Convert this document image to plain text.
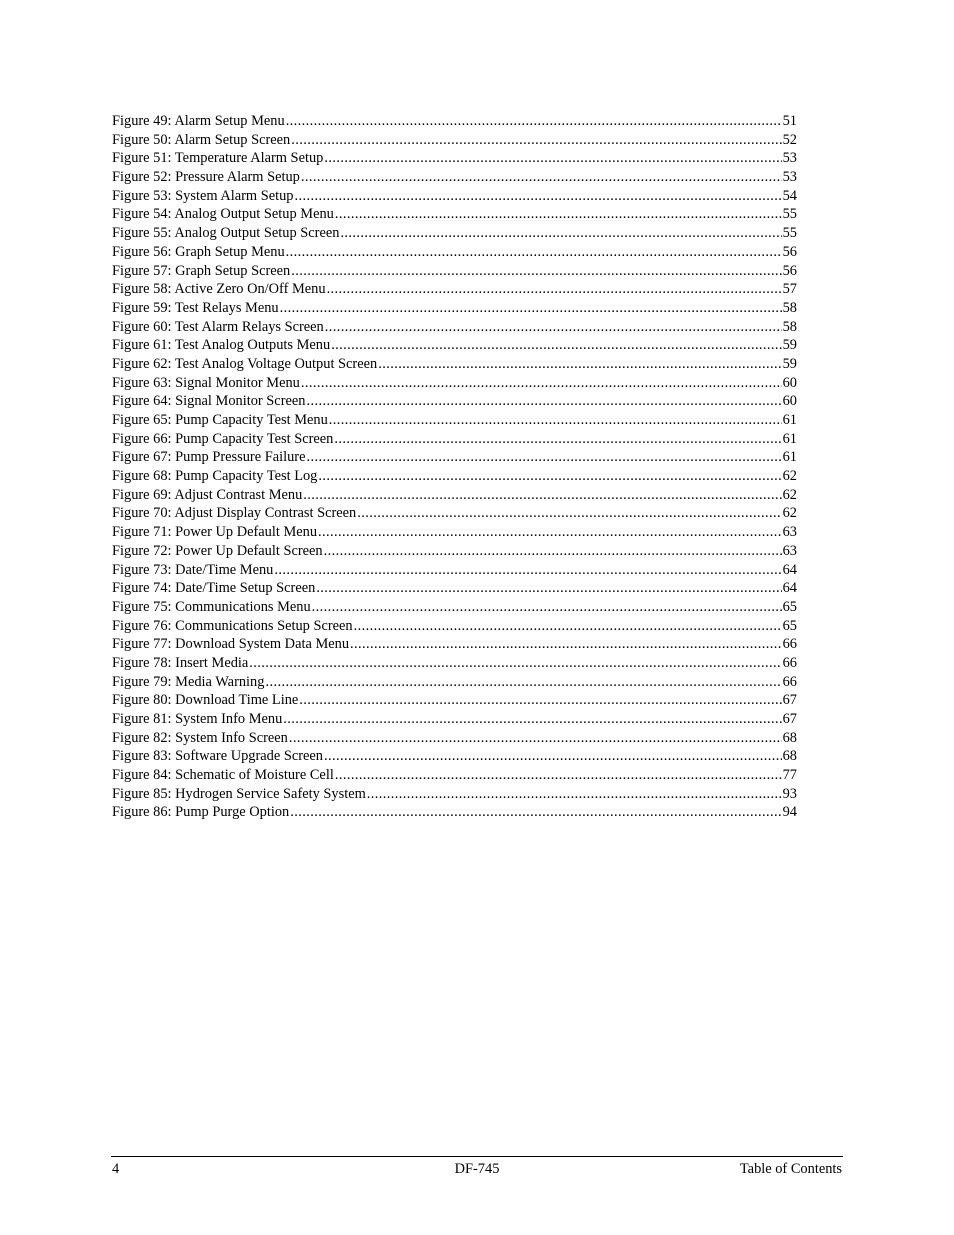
Figure 49: Alarm Setup Menu .....	51
Figure 50: Alarm Setup Screen .....	52
Figure 51: Temperature Alarm Setup .....	53
Figure 52: Pressure Alarm Setup .....	53
Figure 53: System Alarm Setup .....	54
Figure 54: Analog Output Setup Menu .....	55
Figure 55: Analog Output Setup Screen .....	55
Figure 56: Graph Setup Menu .....	56
Figure 57: Graph Setup Screen .....	56
Figure 58: Active Zero On/Off Menu .....	57
Figure 59: Test Relays Menu .....	58
Figure 60: Test Alarm Relays Screen .....	58
Figure 61: Test Analog Outputs Menu .....	59
Figure 62: Test Analog Voltage Output Screen .....	59
Figure 63: Signal Monitor Menu .....	60
Figure 64: Signal Monitor Screen .....	60
Figure 65: Pump Capacity Test Menu .....	61
Figure 66: Pump Capacity Test Screen .....	61
Figure 67: Pump Pressure Failure .....	61
Figure 68: Pump Capacity Test Log .....	62
Figure 69: Adjust Contrast Menu .....	62
Figure 70: Adjust Display Contrast Screen .....	62
Figure 71: Power Up Default Menu .....	63
Figure 72: Power Up Default Screen .....	63
Figure 73: Date/Time Menu .....	64
Figure 74: Date/Time Setup Screen .....	64
Figure 75: Communications Menu .....	65
Figure 76: Communications Setup Screen .....	65
Figure 77: Download System Data Menu .....	66
Figure 78: Insert Media .....	66
Figure 79: Media Warning .....	66
Figure 80: Download Time Line .....	67
Figure 81: System Info Menu .....	67
Figure 82: System Info Screen .....	68
Figure 83: Software Upgrade Screen .....	68
Figure 84: Schematic of Moisture Cell .....	77
Figure 85: Hydrogen Service Safety System .....	93
Figure 86: Pump Purge Option .....	94
4	DF-745	Table of Contents
